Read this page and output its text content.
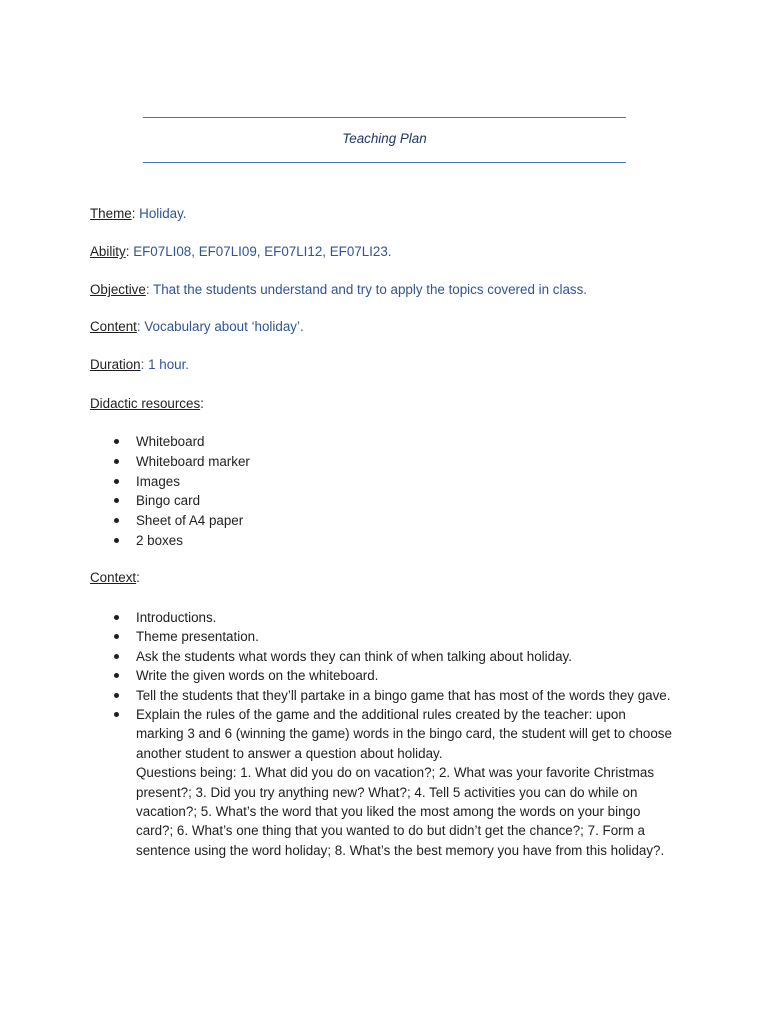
Teaching Plan
Theme: Holiday.
Ability: EF07LI08, EF07LI09, EF07LI12, EF07LI23.
Objective: That the students understand and try to apply the topics covered in class.
Content: Vocabulary about ‘holiday’.
Duration: 1 hour.
Didactic resources:
Whiteboard
Whiteboard marker
Images
Bingo card
Sheet of A4 paper
2 boxes
Context:
Introductions.
Theme presentation.
Ask the students what words they can think of when talking about holiday.
Write the given words on the whiteboard.
Tell the students that they’ll partake in a bingo game that has most of the words they gave.
Explain the rules of the game and the additional rules created by the teacher: upon marking 3 and 6 (winning the game) words in the bingo card, the student will get to choose another student to answer a question about holiday.
Questions being: 1. What did you do on vacation?; 2. What was your favorite Christmas present?; 3. Did you try anything new? What?; 4. Tell 5 activities you can do while on vacation?; 5. What’s the word that you liked the most among the words on your bingo card?; 6. What’s one thing that you wanted to do but didn’t get the chance?; 7. Form a sentence using the word holiday; 8. What’s the best memory you have from this holiday?.
